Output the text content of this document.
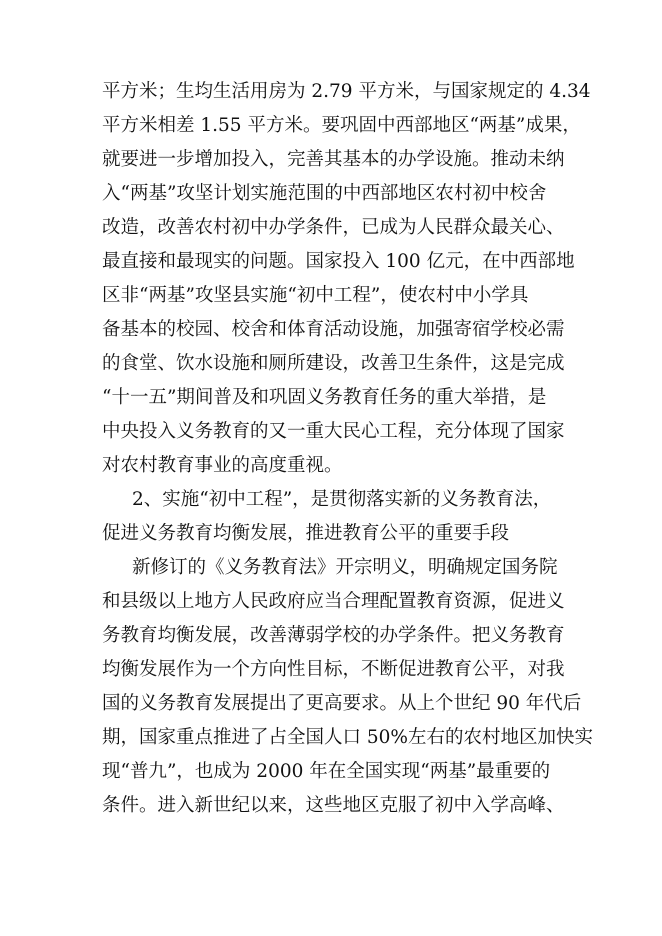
平方米；生均生活用房为 2.79 平方米，与国家规定的 4.34
平方米相差 1.55 平方米。要巩固中西部地区“两基”成果，
就要进一步增加投入，完善其基本的办学设施。推动未纳
入“两基”攻坚计划实施范围的中西部地区农村初中校舍
改造，改善农村初中办学条件，已成为人民群众最关心、
最直接和最现实的问题。国家投入 100 亿元，在中西部地
区非“两基”攻坚县实施“初中工程”，使农村中小学具
备基本的校园、校舍和体育活动设施，加强寄宿学校必需
的食堂、饮水设施和厕所建设，改善卫生条件，这是完成
“十一五”期间普及和巩固义务教育任务的重大举措，是
中央投入义务教育的又一重大民心工程，充分体现了国家
对农村教育事业的高度重视。
2、实施“初中工程”，是贯彻落实新的义务教育法，
促进义务教育均衡发展，推进教育公平的重要手段
新修订的《义务教育法》开宗明义，明确规定国务院
和县级以上地方人民政府应当合理配置教育资源，促进义
务教育均衡发展，改善薄弱学校的办学条件。把义务教育
均衡发展作为一个方向性目标，不断促进教育公平，对我
国的义务教育发展提出了更高要求。从上个世纪 90 年代后
期，国家重点推进了占全国人口 50%左右的农村地区加快实
现“普九”，也成为 2000 年在全国实现“两基”最重要的
条件。进入新世纪以来，这些地区克服了初中入学高峰、
